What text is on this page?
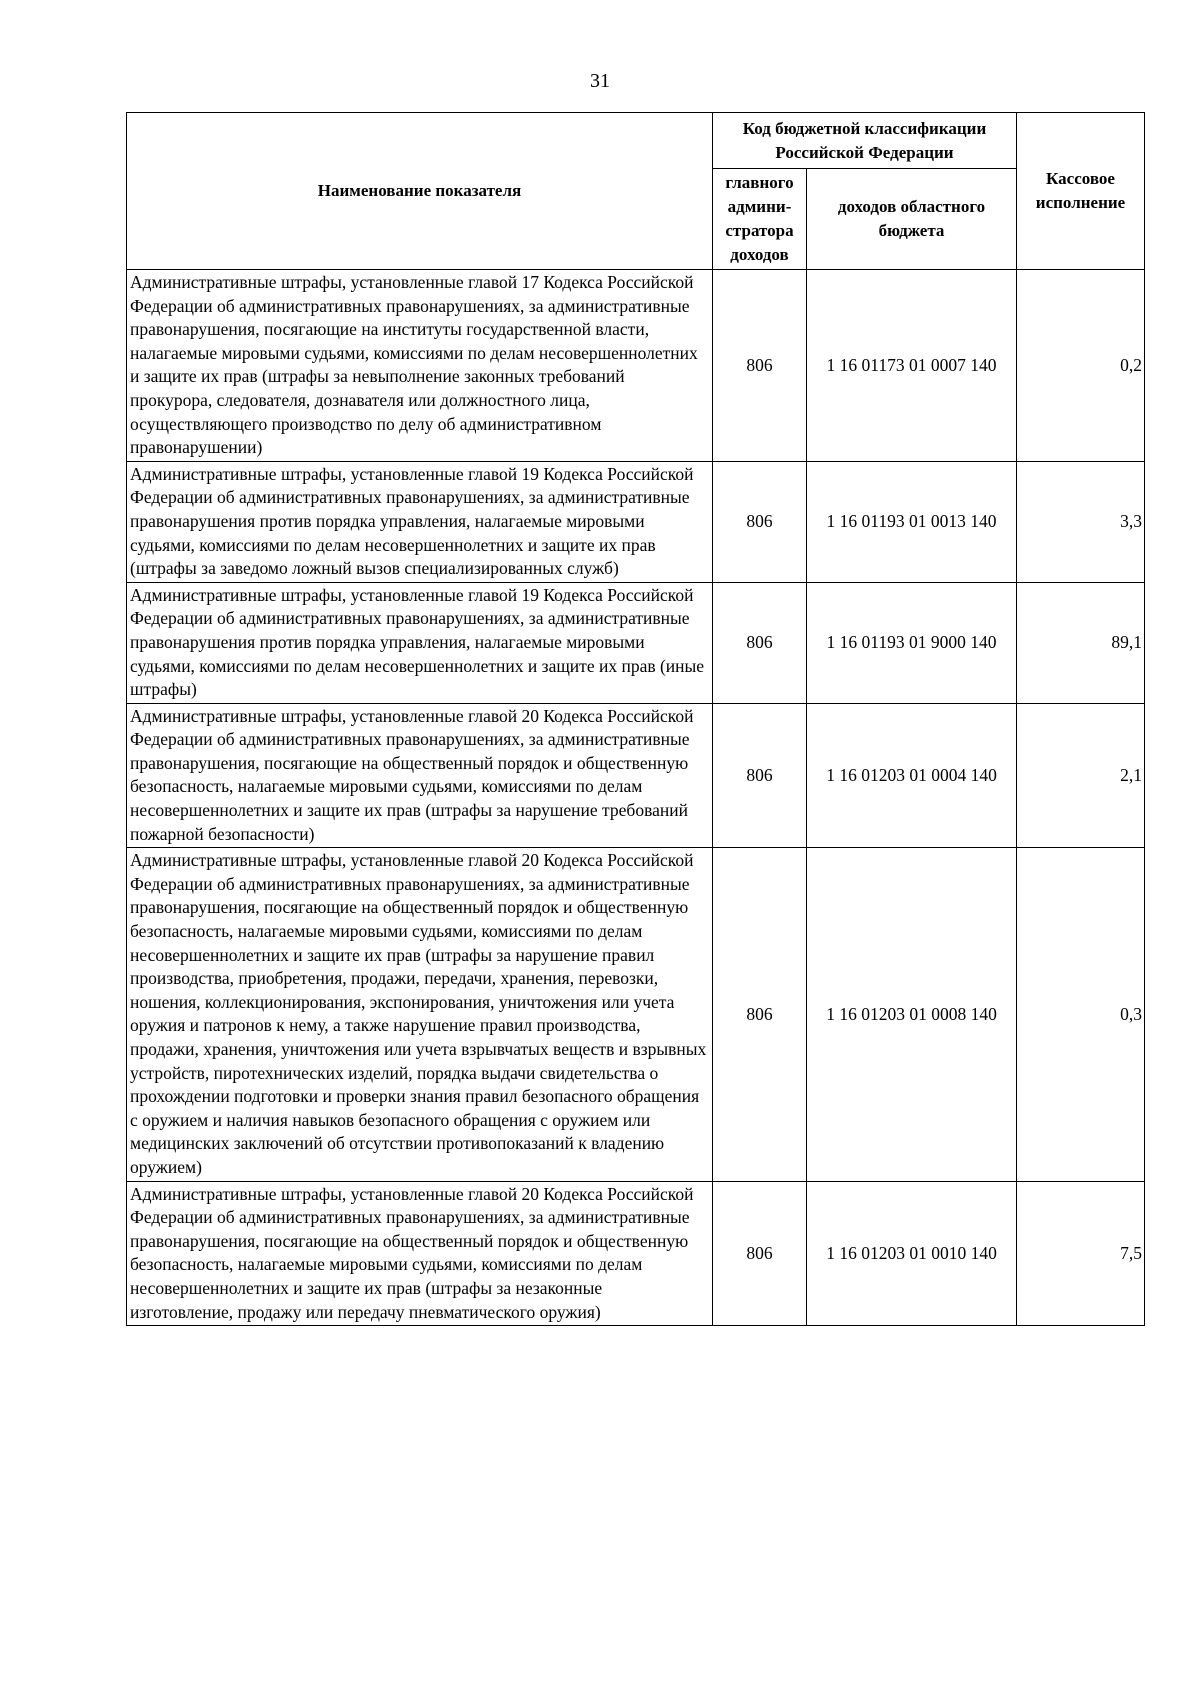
31
Наименование показателя	Код бюджетной классификации Российской Федерации		Кассовое исполнение
	главного админи-стратора доходов	доходов областного бюджета	
Административные штрафы, установленные главой 17 Кодекса Российской Федерации об административных правонарушениях, за административные правонарушения, посягающие на институты государственной власти, налагаемые мировыми судьями, комиссиями по делам несовершеннолетних и защите их прав (штрафы за невыполнение законных требований прокурора, следователя, дознавателя или должностного лица, осуществляющего производство по делу об административном правонарушении)	806	1 16 01173 01 0007 140	0,2
Административные штрафы, установленные главой 19 Кодекса Российской Федерации об административных правонарушениях, за административные правонарушения против порядка управления, налагаемые мировыми судьями, комиссиями по делам несовершеннолетних и защите их прав (штрафы за заведомо ложный вызов специализированных служб)	806	1 16 01193 01 0013 140	3,3
Административные штрафы, установленные главой 19 Кодекса Российской Федерации об административных правонарушениях, за административные правонарушения против порядка управления, налагаемые мировыми судьями, комиссиями по делам несовершеннолетних и защите их прав (иные штрафы)	806	1 16 01193 01 9000 140	89,1
Административные штрафы, установленные главой 20 Кодекса Российской Федерации об административных правонарушениях, за административные правонарушения, посягающие на общественный порядок и общественную безопасность, налагаемые мировыми судьями, комиссиями по делам несовершеннолетних и защите их прав (штрафы за нарушение требований пожарной безопасности)	806	1 16 01203 01 0004 140	2,1
Административные штрафы, установленные главой 20 Кодекса Российской Федерации об административных правонарушениях, за административные правонарушения, посягающие на общественный порядок и общественную безопасность, налагаемые мировыми судьями, комиссиями по делам несовершеннолетних и защите их прав (штрафы за нарушение правил производства, приобретения, продажи, передачи, хранения, перевозки, ношения, коллекционирования, экспонирования, уничтожения или учета оружия и патронов к нему, а также нарушение правил производства, продажи, хранения, уничтожения или учета взрывчатых веществ и взрывных устройств, пиротехнических изделий, порядка выдачи свидетельства о прохождении подготовки и проверки знания правил безопасного обращения с оружием и наличия навыков безопасного обращения с оружием или медицинских заключений об отсутствии противопоказаний к владению оружием)	806	1 16 01203 01 0008 140	0,3
Административные штрафы, установленные главой 20 Кодекса Российской Федерации об административных правонарушениях, за административные правонарушения, посягающие на общественный порядок и общественную безопасность, налагаемые мировыми судьями, комиссиями по делам несовершеннолетних и защите их прав (штрафы за незаконные изготовление, продажу или передачу пневматического оружия)	806	1 16 01203 01 0010 140	7,5
